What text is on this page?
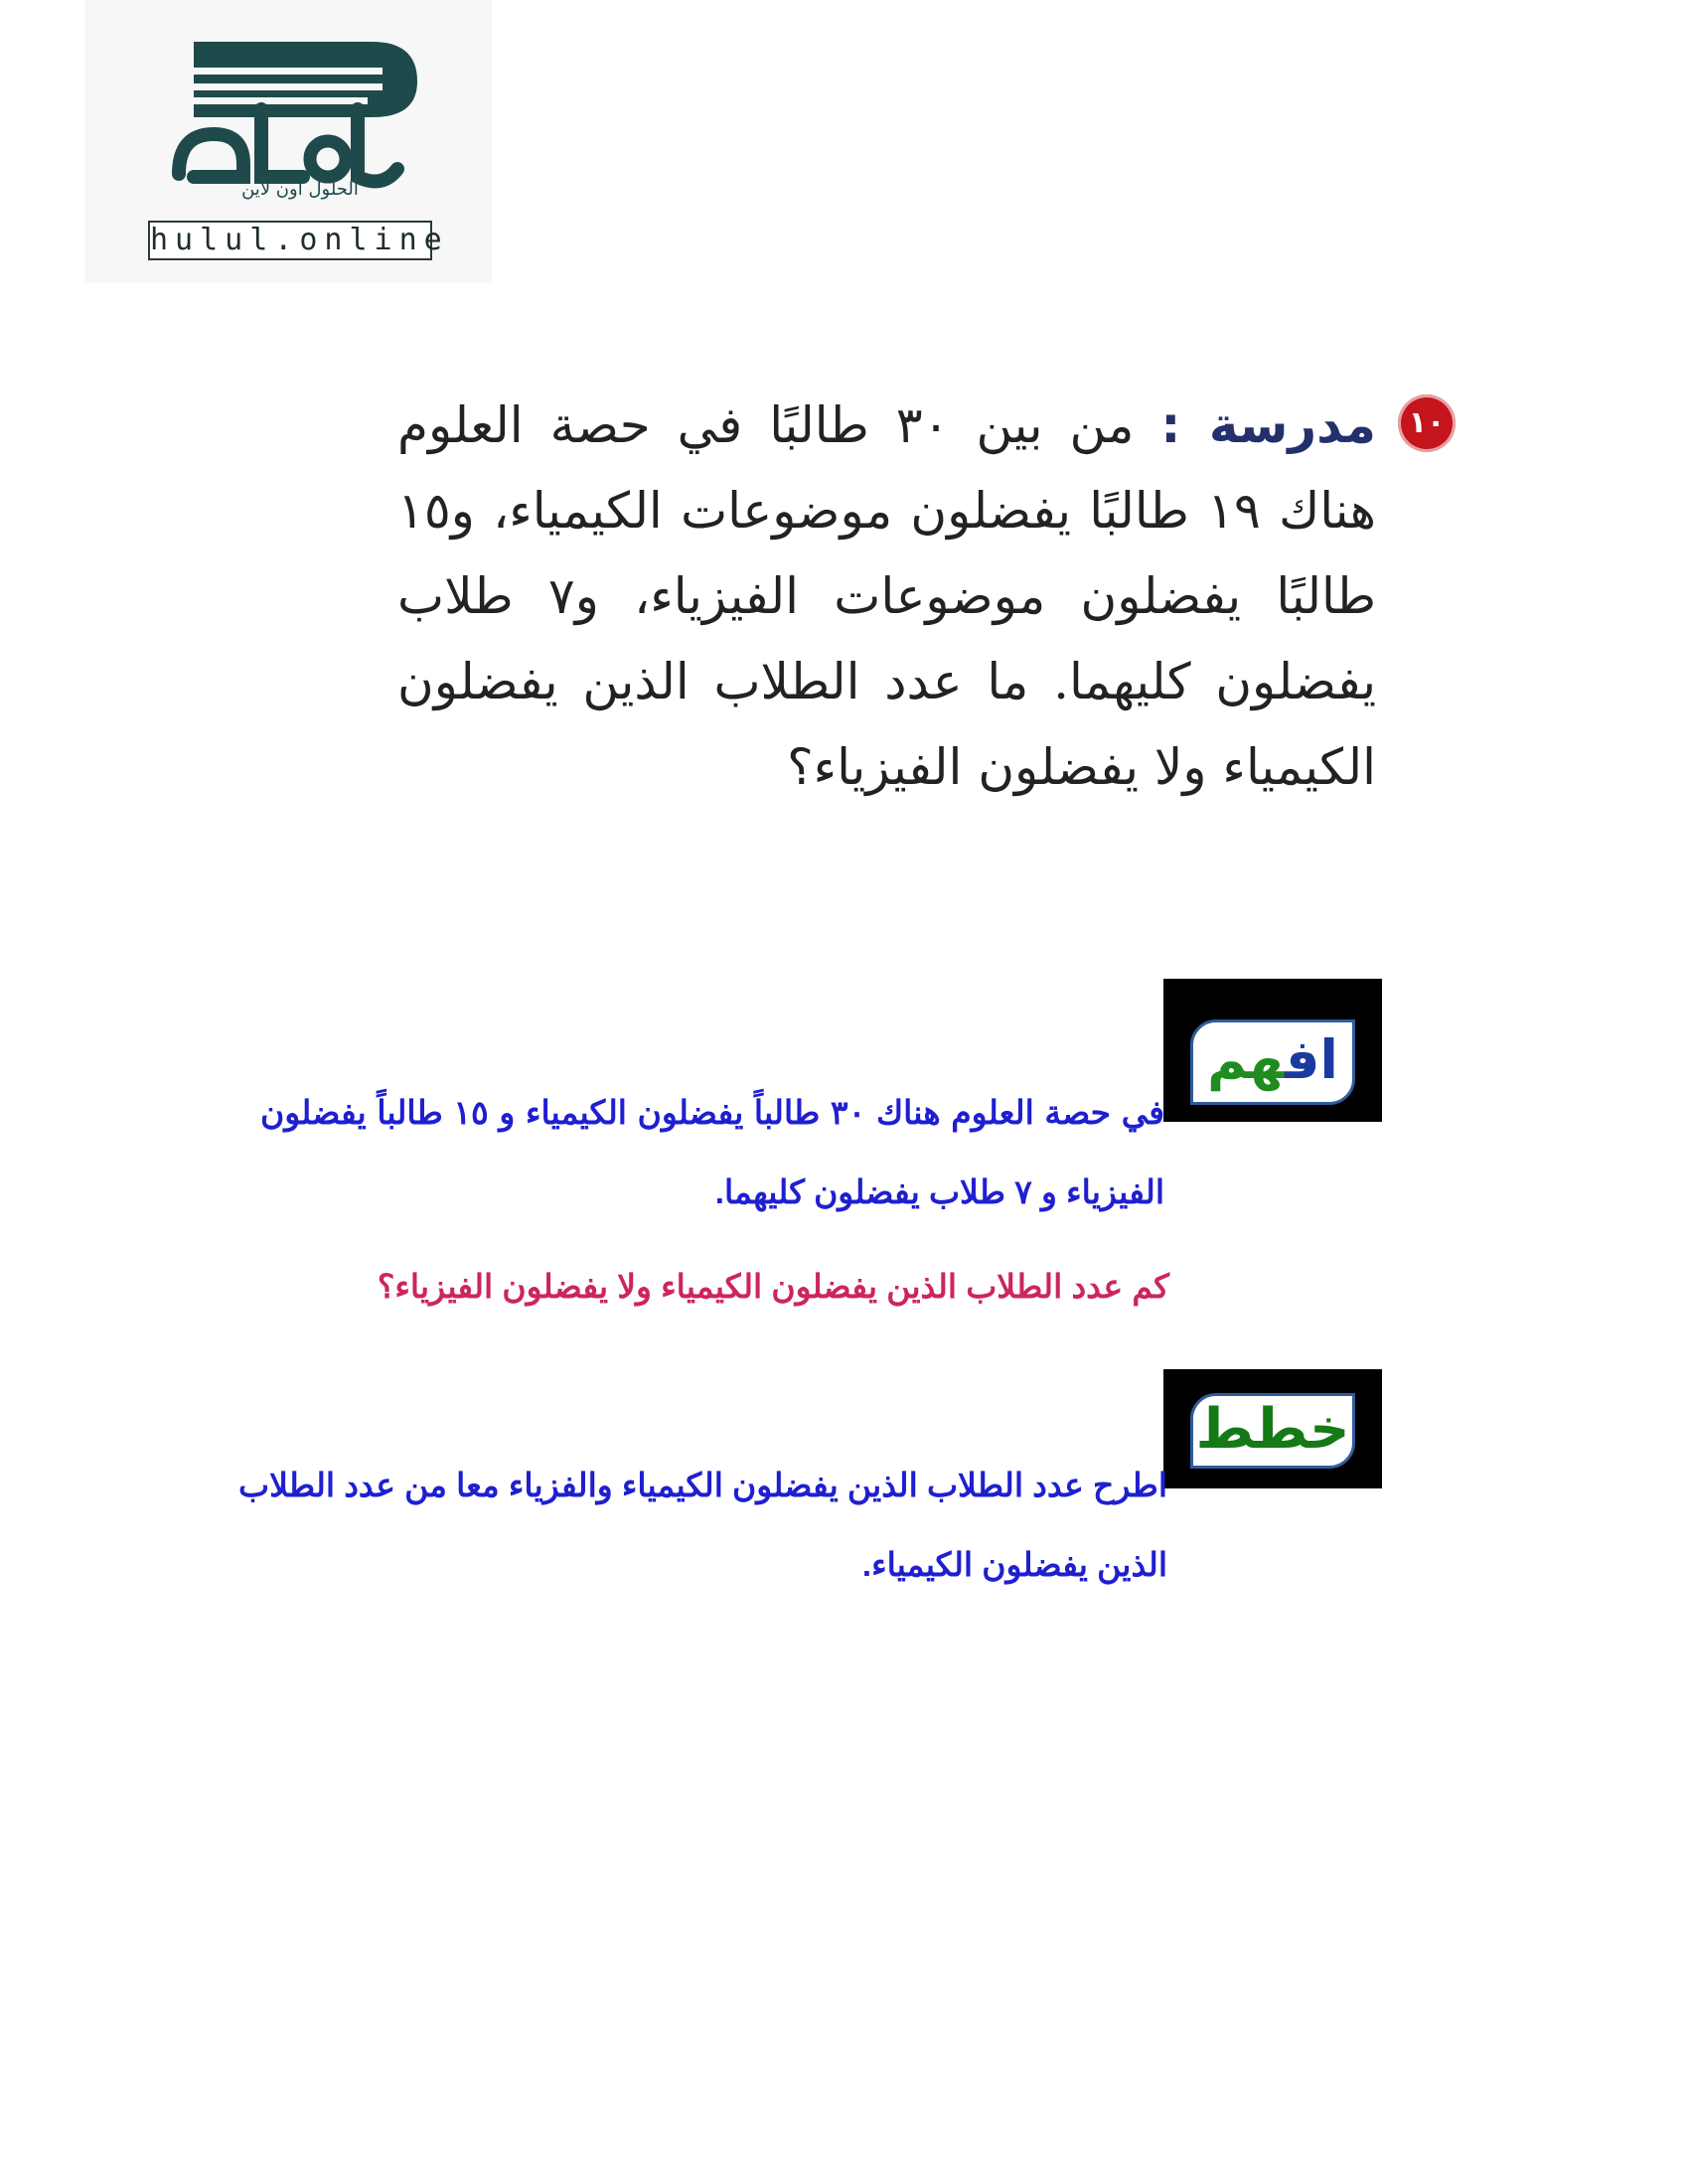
الحلول أون لاين
hulul.online
١٠
مدرسة : من بين ٣٠ طالبًا في حصة العلوم هناك ١٩ طالبًا يفضلون موضوعات الكيمياء، و١٥ طالبًا يفضلون موضوعات الفيزياء، و٧ طلاب يفضلون كليهما. ما عدد الطلاب الذين يفضلون الكيمياء ولا يفضلون الفيزياء؟
افهم
في حصة العلوم هناك ٣٠ طالباً يفضلون الكيمياء و ١٥ طالباً يفضلون الفيزياء و ٧ طلاب يفضلون كليهما.
كم عدد الطلاب الذين يفضلون الكيمياء ولا يفضلون الفيزياء؟
خطط
اطرح عدد الطلاب الذين يفضلون الكيمياء والفزياء معا من عدد الطلاب الذين يفضلون الكيمياء.
